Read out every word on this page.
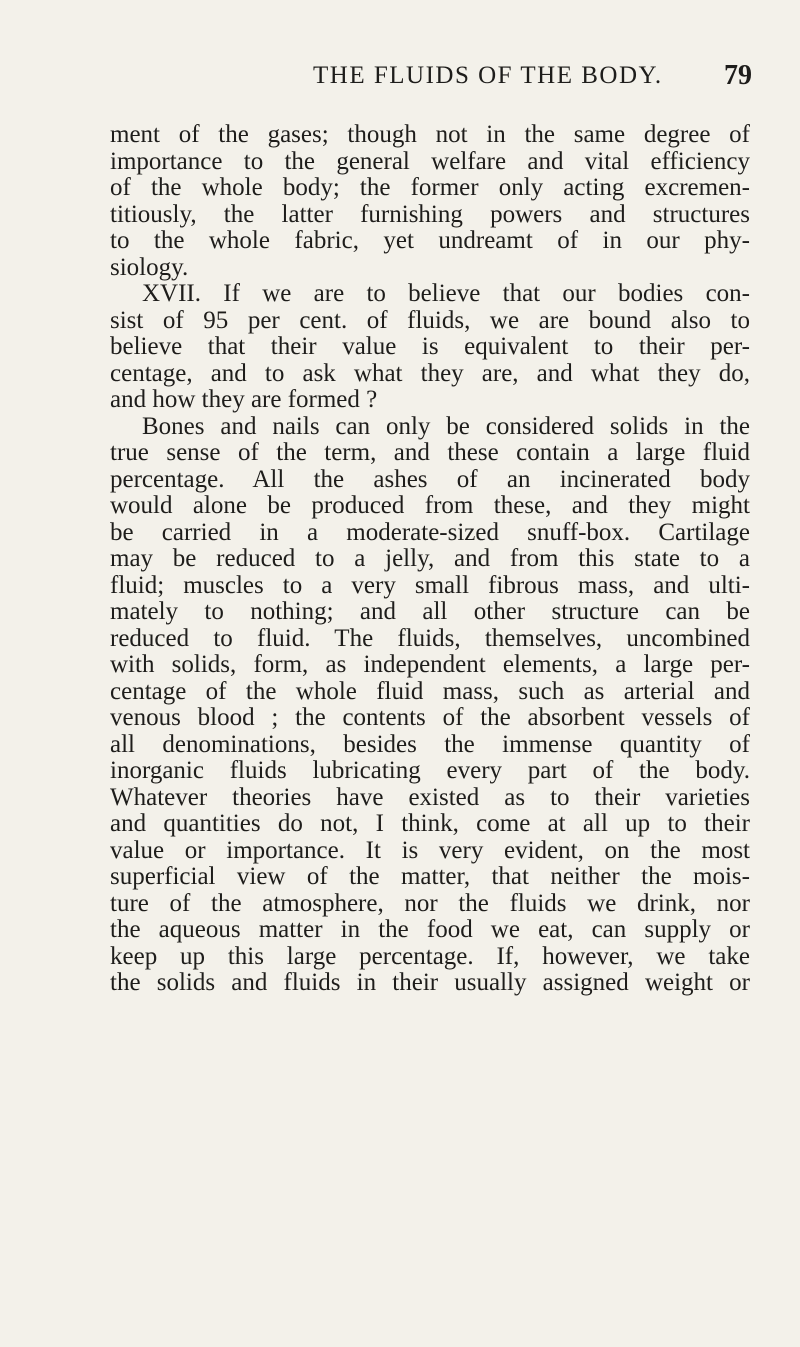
THE FLUIDS OF THE BODY. 79
ment of the gases; though not in the same degree of
importance to the general welfare and vital efficiency
of the whole body; the former only acting excremen-
titiously, the latter furnishing powers and structures
to the whole fabric, yet undreamt of in our phy-
siology.
XVII. If we are to believe that our bodies con-
sist of 95 per cent. of fluids, we are bound also to
believe that their value is equivalent to their per-
centage, and to ask what they are, and what they do,
and how they are formed ?
Bones and nails can only be considered solids in the
true sense of the term, and these contain a large fluid
percentage. All the ashes of an incinerated body
would alone be produced from these, and they might
be carried in a moderate-sized snuff-box. Cartilage
may be reduced to a jelly, and from this state to a
fluid; muscles to a very small fibrous mass, and ulti-
mately to nothing; and all other structure can be
reduced to fluid. The fluids, themselves, uncombined
with solids, form, as independent elements, a large per-
centage of the whole fluid mass, such as arterial and
venous blood ; the contents of the absorbent vessels of
all denominations, besides the immense quantity of
inorganic fluids lubricating every part of the body.
Whatever theories have existed as to their varieties
and quantities do not, I think, come at all up to their
value or importance. It is very evident, on the most
superficial view of the matter, that neither the mois-
ture of the atmosphere, nor the fluids we drink, nor
the aqueous matter in the food we eat, can supply or
keep up this large percentage. If, however, we take
the solids and fluids in their usually assigned weight or
